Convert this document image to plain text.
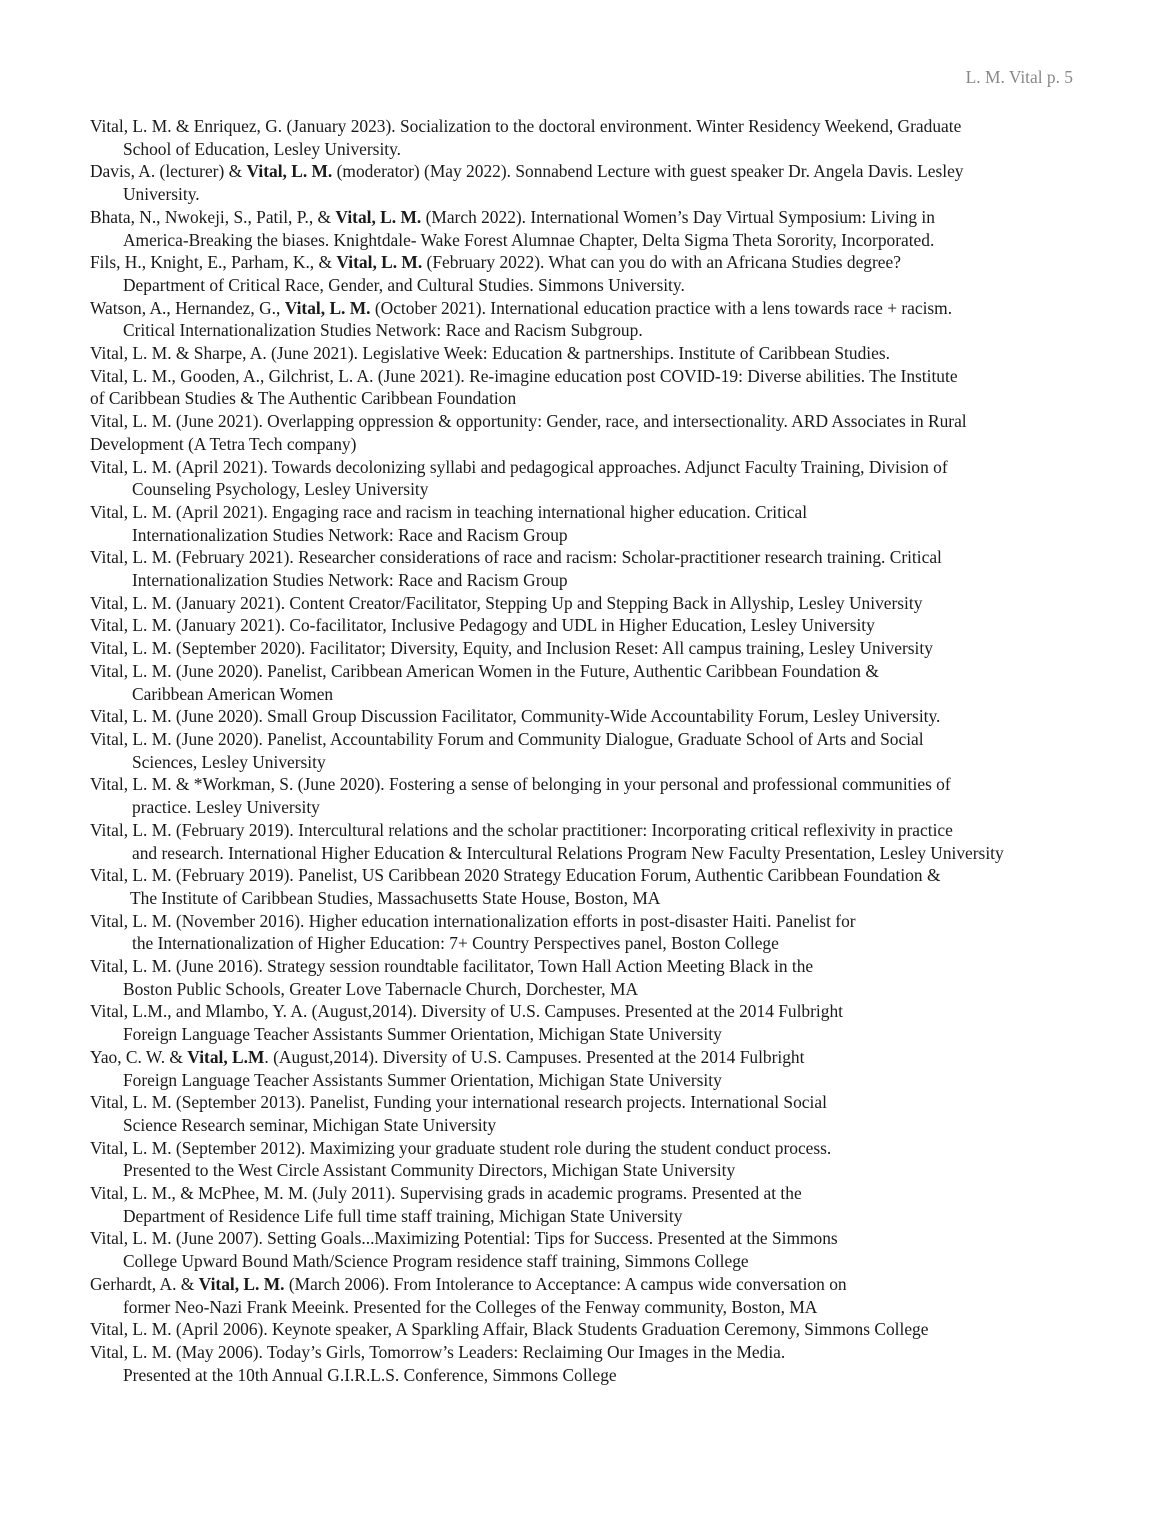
L. M. Vital p. 5
Vital, L. M. & Enriquez, G. (January 2023). Socialization to the doctoral environment. Winter Residency Weekend, Graduate
School of Education, Lesley University.
Davis, A. (lecturer) & Vital, L. M. (moderator) (May 2022). Sonnabend Lecture with guest speaker Dr. Angela Davis. Lesley
University.
Bhata, N., Nwokeji, S., Patil, P., & Vital, L. M. (March 2022). International Women’s Day Virtual Symposium: Living in
America-Breaking the biases. Knightdale- Wake Forest Alumnae Chapter, Delta Sigma Theta Sorority, Incorporated.
Fils, H., Knight, E., Parham, K., & Vital, L. M. (February 2022). What can you do with an Africana Studies degree?
Department of Critical Race, Gender, and Cultural Studies. Simmons University.
Watson, A., Hernandez, G., Vital, L. M. (October 2021). International education practice with a lens towards race + racism.
Critical Internationalization Studies Network: Race and Racism Subgroup.
Vital, L. M. & Sharpe, A. (June 2021). Legislative Week: Education & partnerships. Institute of Caribbean Studies.
Vital, L. M., Gooden, A., Gilchrist, L. A. (June 2021). Re-imagine education post COVID-19: Diverse abilities. The Institute
of Caribbean Studies & The Authentic Caribbean Foundation
Vital, L. M. (June 2021). Overlapping oppression & opportunity: Gender, race, and intersectionality. ARD Associates in Rural
Development (A Tetra Tech company)
Vital, L. M. (April 2021). Towards decolonizing syllabi and pedagogical approaches. Adjunct Faculty Training, Division of
Counseling Psychology, Lesley University
Vital, L. M. (April 2021). Engaging race and racism in teaching international higher education. Critical
Internationalization Studies Network: Race and Racism Group
Vital, L. M. (February 2021). Researcher considerations of race and racism: Scholar-practitioner research training. Critical
Internationalization Studies Network: Race and Racism Group
Vital, L. M. (January 2021). Content Creator/Facilitator, Stepping Up and Stepping Back in Allyship, Lesley University
Vital, L. M. (January 2021). Co-facilitator, Inclusive Pedagogy and UDL in Higher Education, Lesley University
Vital, L. M. (September 2020). Facilitator; Diversity, Equity, and Inclusion Reset: All campus training, Lesley University
Vital, L. M. (June 2020). Panelist, Caribbean American Women in the Future, Authentic Caribbean Foundation &
Caribbean American Women
Vital, L. M. (June 2020). Small Group Discussion Facilitator, Community-Wide Accountability Forum, Lesley University.
Vital, L. M. (June 2020). Panelist, Accountability Forum and Community Dialogue, Graduate School of Arts and Social
Sciences, Lesley University
Vital, L. M. & *Workman, S. (June 2020). Fostering a sense of belonging in your personal and professional communities of
practice. Lesley University
Vital, L. M. (February 2019). Intercultural relations and the scholar practitioner: Incorporating critical reflexivity in practice
and research. International Higher Education & Intercultural Relations Program New Faculty Presentation, Lesley University
Vital, L. M. (February 2019). Panelist, US Caribbean 2020 Strategy Education Forum, Authentic Caribbean Foundation &
The Institute of Caribbean Studies, Massachusetts State House, Boston, MA
Vital, L. M. (November 2016). Higher education internationalization efforts in post-disaster Haiti. Panelist for
the Internationalization of Higher Education: 7+ Country Perspectives panel, Boston College
Vital, L. M. (June 2016). Strategy session roundtable facilitator, Town Hall Action Meeting Black in the
Boston Public Schools, Greater Love Tabernacle Church, Dorchester, MA
Vital, L.M., and Mlambo, Y. A. (August,2014). Diversity of U.S. Campuses. Presented at the 2014 Fulbright
Foreign Language Teacher Assistants Summer Orientation, Michigan State University
Yao, C. W. & Vital, L.M. (August,2014). Diversity of U.S. Campuses. Presented at the 2014 Fulbright
Foreign Language Teacher Assistants Summer Orientation, Michigan State University
Vital, L. M. (September 2013). Panelist, Funding your international research projects. International Social
Science Research seminar, Michigan State University
Vital, L. M. (September 2012). Maximizing your graduate student role during the student conduct process.
Presented to the West Circle Assistant Community Directors, Michigan State University
Vital, L. M., & McPhee, M. M. (July 2011). Supervising grads in academic programs. Presented at the
Department of Residence Life full time staff training, Michigan State University
Vital, L. M. (June 2007). Setting Goals...Maximizing Potential: Tips for Success. Presented at the Simmons
College Upward Bound Math/Science Program residence staff training, Simmons College
Gerhardt, A. & Vital, L. M. (March 2006). From Intolerance to Acceptance: A campus wide conversation on
former Neo-Nazi Frank Meeink. Presented for the Colleges of the Fenway community, Boston, MA
Vital, L. M. (April 2006). Keynote speaker, A Sparkling Affair, Black Students Graduation Ceremony, Simmons College
Vital, L. M. (May 2006). Today’s Girls, Tomorrow’s Leaders: Reclaiming Our Images in the Media.
Presented at the 10th Annual G.I.R.L.S. Conference, Simmons College
